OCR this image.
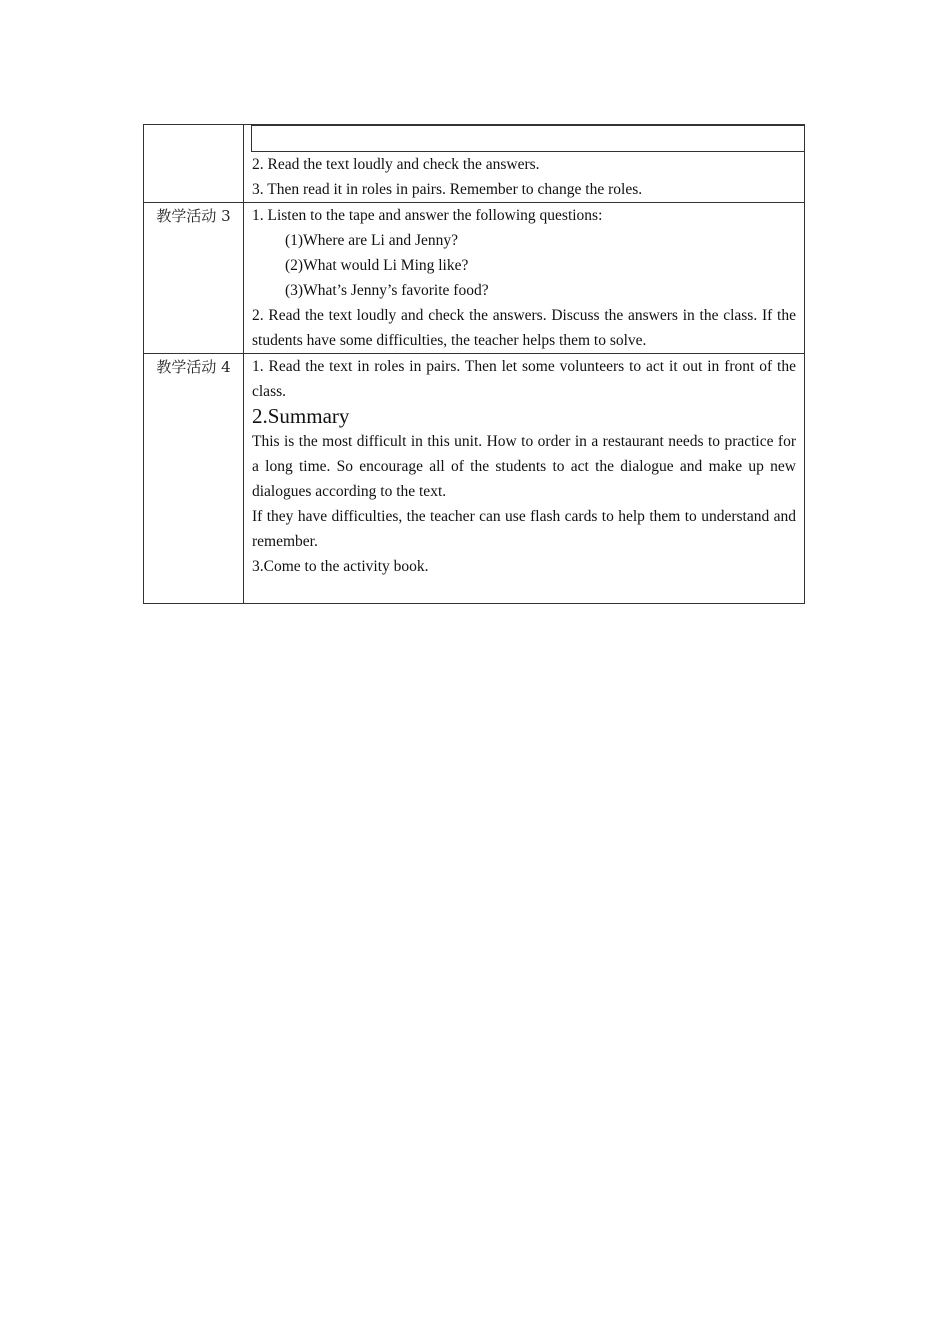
	2. Read the text loudly and check the answers.

3. Then read it in roles in pairs. Remember to change the roles.

教学活动 3	1. Listen to the tape and answer the following questions:

(1)Where are Li and Jenny?

(2)What would Li Ming like?

(3)What’s Jenny’s favorite food?

2. Read the text loudly and check the answers. Discuss the answers in the class. If the students have some difficulties, the teacher helps them to solve.

教学活动 4	1. Read the text in roles in pairs. Then let some volunteers to act it out in front of the class.

2.Summary

This is the most difficult in this unit. How to order in a restaurant needs to practice for a long time. So encourage all of the students to act the dialogue and make up new dialogues according to the text.

If they have difficulties, the teacher can use flash cards to help them to understand and remember.

3.Come to the activity book.
